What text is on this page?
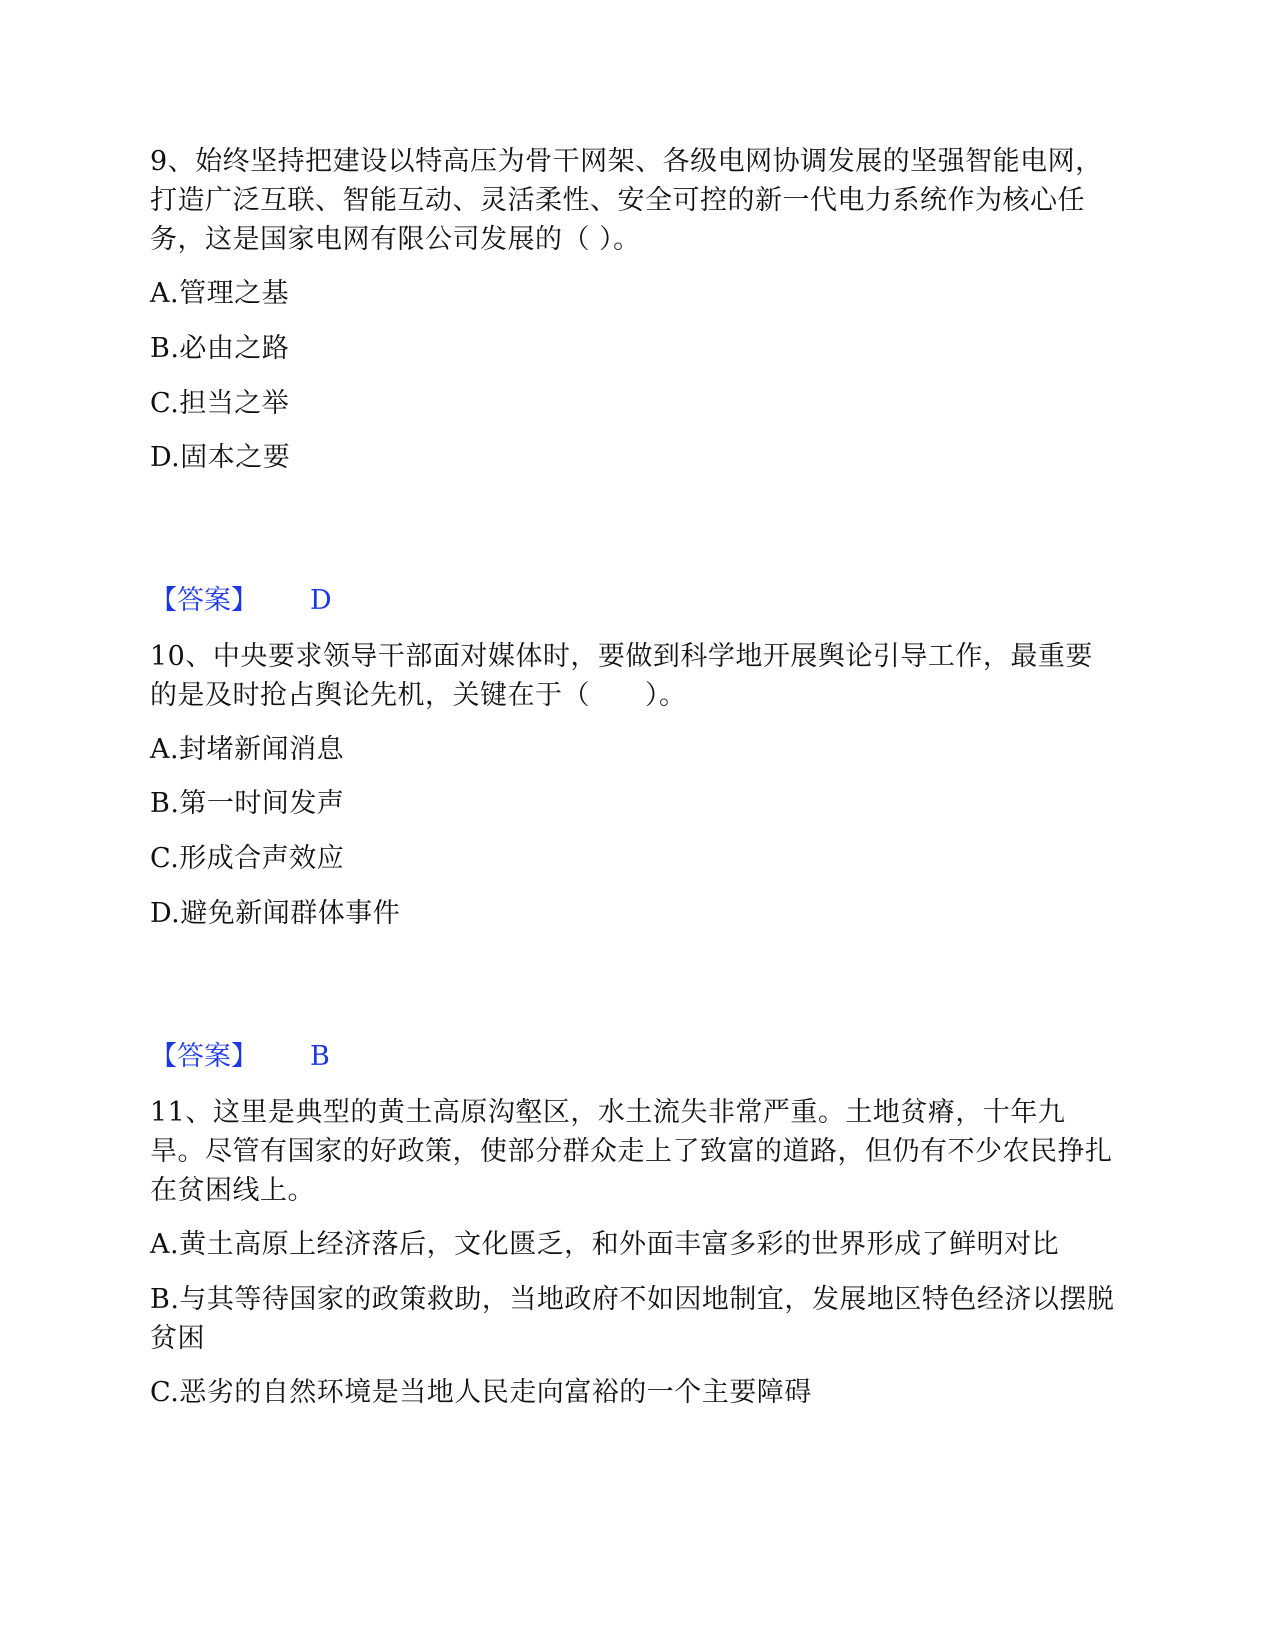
9、始终坚持把建设以特高压为骨干网架、各级电网协调发展的坚强智能电网，打造广泛互联、智能互动、灵活柔性、安全可控的新一代电力系统作为核心任务，这是国家电网有限公司发展的（ ）。

A.管理之基

B.必由之路

C.担当之举

D.固本之要

【答案】 D

10、中央要求领导干部面对媒体时，要做到科学地开展舆论引导工作，最重要的是及时抢占舆论先机，关键在于（　　）。

A.封堵新闻消息

B.第一时间发声

C.形成合声效应

D.避免新闻群体事件

【答案】 B

11、这里是典型的黄土高原沟壑区，水土流失非常严重。土地贫瘠，十年九旱。尽管有国家的好政策，使部分群众走上了致富的道路，但仍有不少农民挣扎在贫困线上。

A.黄土高原上经济落后，文化匮乏，和外面丰富多彩的世界形成了鲜明对比

B.与其等待国家的政策救助，当地政府不如因地制宜，发展地区特色经济以摆脱贫困

C.恶劣的自然环境是当地人民走向富裕的一个主要障碍
